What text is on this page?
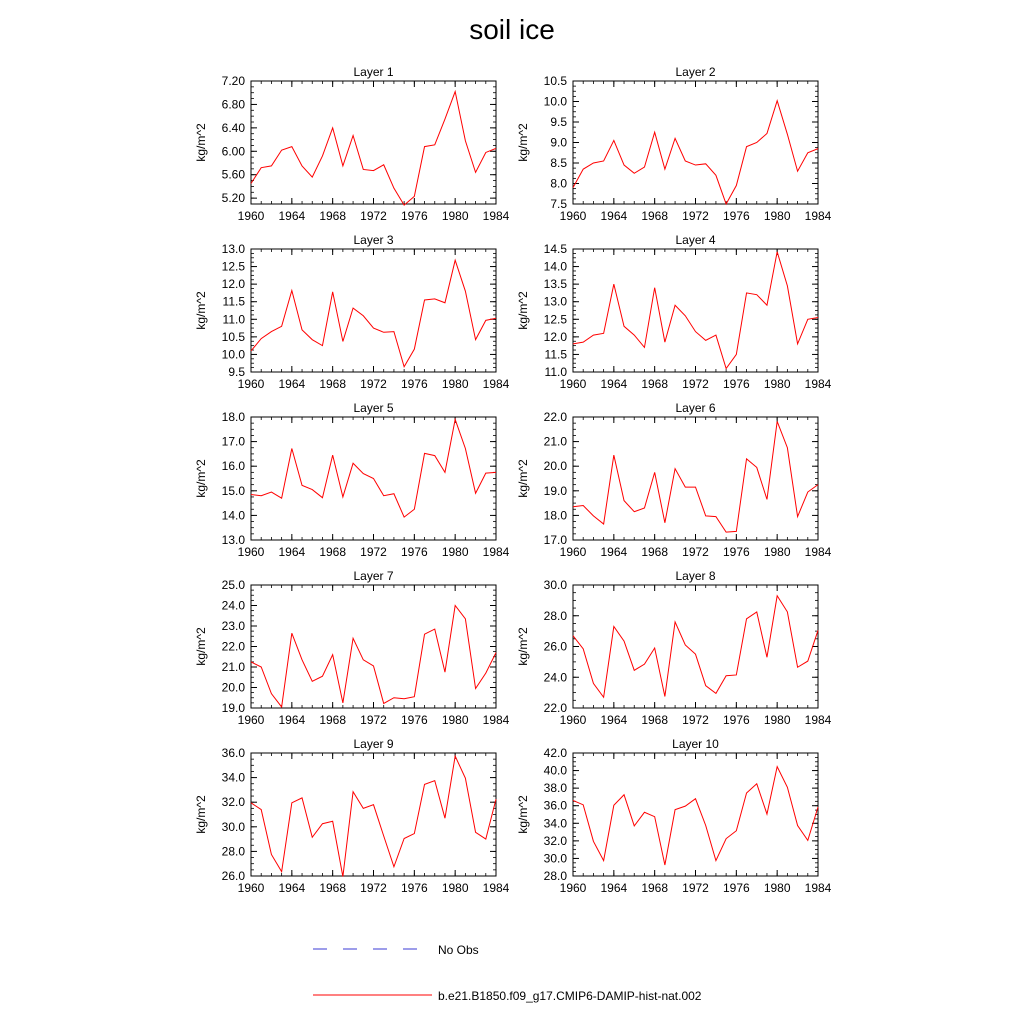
soil ice
Layer 1
kg/m^2
1960 1964 1968 1972 1976 1980 1984
5.20
5.60
6.00
6.40
6.80
7.20
Layer 2
kg/m^2
1960 1964 1968 1972 1976 1980 1984
7.5
8.0
8.5
9.0
9.5
10.0
10.5
Layer 3
kg/m^2
1960 1964 1968 1972 1976 1980 1984
9.5
10.0
10.5
11.0
11.5
12.0
12.5
13.0
Layer 4
kg/m^2
1960 1964 1968 1972 1976 1980 1984
11.0
11.5
12.0
12.5
13.0
13.5
14.0
14.5
Layer 5
kg/m^2
1960 1964 1968 1972 1976 1980 1984
13.0
14.0
15.0
16.0
17.0
18.0
Layer 6
kg/m^2
1960 1964 1968 1972 1976 1980 1984
17.0
18.0
19.0
20.0
21.0
22.0
Layer 7
kg/m^2
1960 1964 1968 1972 1976 1980 1984
19.0
20.0
21.0
22.0
23.0
24.0
25.0
Layer 8
kg/m^2
1960 1964 1968 1972 1976 1980 1984
22.0
24.0
26.0
28.0
30.0
Layer 9
kg/m^2
1960 1964 1968 1972 1976 1980 1984
26.0
28.0
30.0
32.0
34.0
36.0
Layer 10
kg/m^2
1960 1964 1968 1972 1976 1980 1984
28.0
30.0
32.0
34.0
36.0
38.0
40.0
42.0
No Obs
b.e21.B1850.f09_g17.CMIP6-DAMIP-hist-nat.002
